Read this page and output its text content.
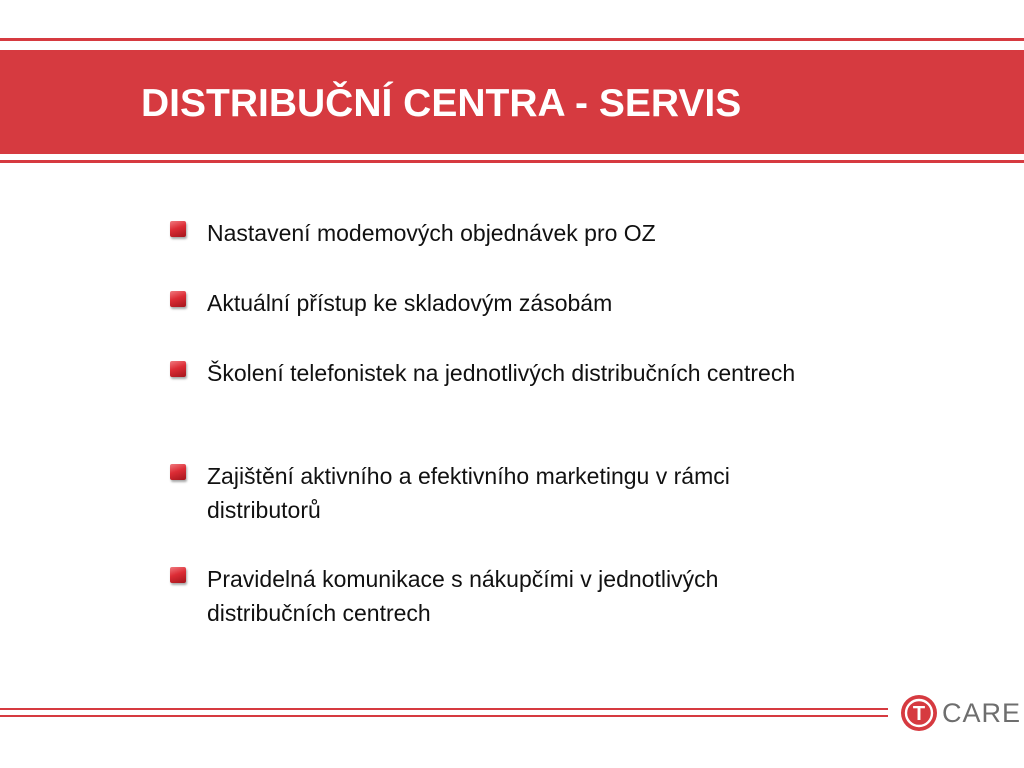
DISTRIBUČNÍ CENTRA - SERVIS
Nastavení modemových objednávek pro OZ
Aktuální přístup ke skladovým zásobám
Školení telefonistek na jednotlivých distribučních centrech
Zajištění aktivního a efektivního marketingu v rámci distributorů
Pravidelná komunikace s nákupčími v jednotlivých distribučních centrech
T CARE
